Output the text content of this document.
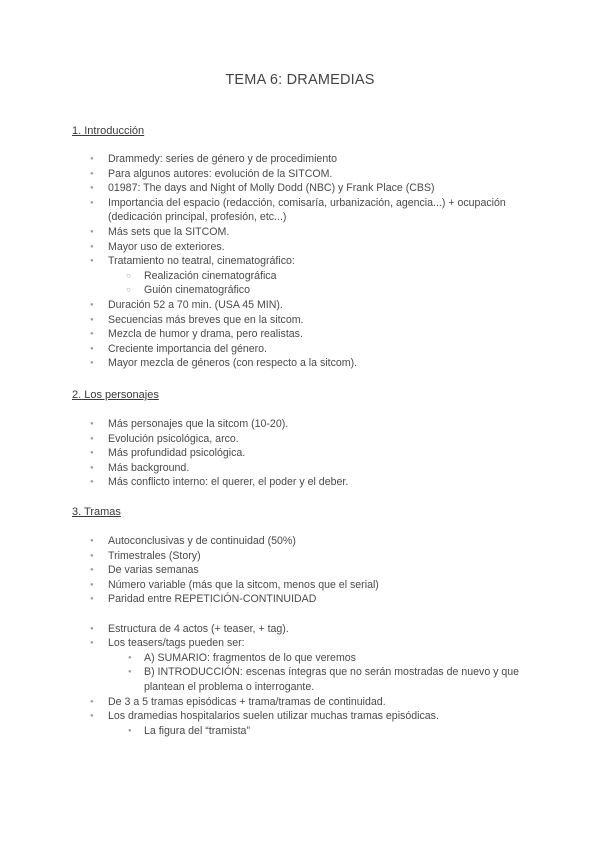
TEMA 6: DRAMEDIAS

1. Introducción

● Drammedy: series de género y de procedimiento
● Para algunos autores: evolución de la SITCOM.
● 01987: The days and Night of Molly Dodd (NBC) y Frank Place (CBS)
● Importancia del espacio (redacción, comisaría, urbanización, agencia...) + ocupación (dedicación principal, profesión, etc...)
● Más sets que la SITCOM.
● Mayor uso de exteriores.
● Tratamiento no teatral, cinematográfico:
○ Realización cinematográfica
○ Guión cinematográfico
● Duración 52 a 70 min. (USA 45 MIN).
● Secuencias más breves que en la sitcom.
● Mezcla de humor y drama, pero realistas.
● Creciente importancia del género.
● Mayor mezcla de géneros (con respecto a la sitcom).

2. Los personajes

● Más personajes que la sitcom (10-20).
● Evolución psicológica, arco.
● Más profundidad psicológica.
● Más background.
● Más conflicto interno: el querer, el poder y el deber.

3. Tramas

● Autoconclusivas y de continuidad (50%)
● Trimestrales (Story)
● De varias semanas
● Número variable (más que la sitcom, menos que el serial)
● Paridad entre REPETICIÓN-CONTINUIDAD
● Estructura de 4 actos (+ teaser, + tag).
● Los teasers/tags pueden ser:
● A) SUMARIO: fragmentos de lo que veremos
● B) INTRODUCCIÓN: escenas íntegras que no serán mostradas de nuevo y que plantean el problema o interrogante.
● De 3 a 5 tramas episódicas + trama/tramas de continuidad.
● Los dramedias hospitalarios suelen utilizar muchas tramas episódicas.
● La figura del “tramista”
